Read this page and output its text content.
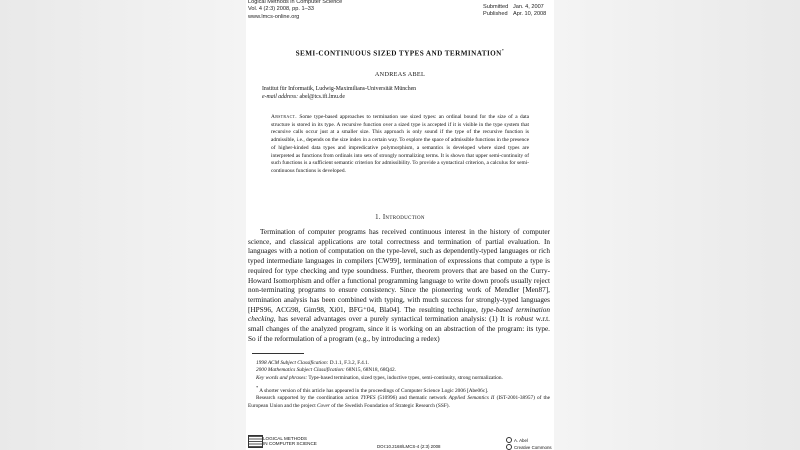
Logical Methods in Computer Science
Vol. 4 (2:3) 2008, pp. 1–33
www.lmcs-online.org
Submitted Jan. 4, 2007
Published Apr. 10, 2008
SEMI-CONTINUOUS SIZED TYPES AND TERMINATION*
ANDREAS ABEL
Institut für Informatik, Ludwig-Maximilians-Universität München
e-mail address: abel@tcs.ifi.lmu.de
Abstract. Some type-based approaches to termination use sized types: an ordinal bound for the size of a data structure is stored in its type. A recursive function over a sized type is accepted if it is visible in the type system that recursive calls occur just at a smaller size. This approach is only sound if the type of the recursive function is admissible, i.e., depends on the size index in a certain way. To explore the space of admissible functions in the presence of higher-kinded data types and impredicative polymorphism, a semantics is developed where sized types are interpreted as functions from ordinals into sets of strongly normalizing terms. It is shown that upper semi-continuity of such functions is a sufficient semantic criterion for admissibility. To provide a syntactical criterion, a calculus for semi-continuous functions is developed.
1. Introduction

Termination of computer programs has received continuous interest in the history of computer science, and classical applications are total correctness and termination of partial evaluation. In languages with a notion of computation on the type-level, such as dependently-typed languages or rich typed intermediate languages in compilers [CW99], termination of expressions that compute a type is required for type checking and type soundness. Further, theorem provers that are based on the Curry-Howard Isomorphism and offer a functional programming language to write down proofs usually reject non-terminating programs to ensure consistency. Since the pioneering work of Mendler [Men87], termination analysis has been combined with typing, with much success for strongly-typed languages [HPS96, ACG98, Gim98, Xi01, BFG⁺04, Bla04]. The resulting technique, type-based termination checking, has several advantages over a purely syntactical termination analysis: (1) It is robust w.r.t. small changes of the analyzed program, since it is working on an abstraction of the program: its type. So if the reformulation of a program (e.g., by introducing a redex)

1998 ACM Subject Classification: D.1.1, F.3.2, F.4.1.

2000 Mathematics Subject Classification: 68N15, 68N18, 68Q42.

Key words and phrases: Type-based termination, sized types, inductive types, semi-continuity, strong normalization.

* A shorter version of this article has appeared in the proceedings of Computer Science Logic 2006 [Abe06c].

Research supported by the coordination action TYPES (510996) and thematic network Applied Semantics II (IST-2001-38957) of the European Union and the project Cover of the Swedish Foundation of Strategic Research (SSF).

LOGICAL METHODS
IN COMPUTER SCIENCE
DOI:10.2168/LMCS-4 (2:3) 2008
A. Abel
Creative Commons
